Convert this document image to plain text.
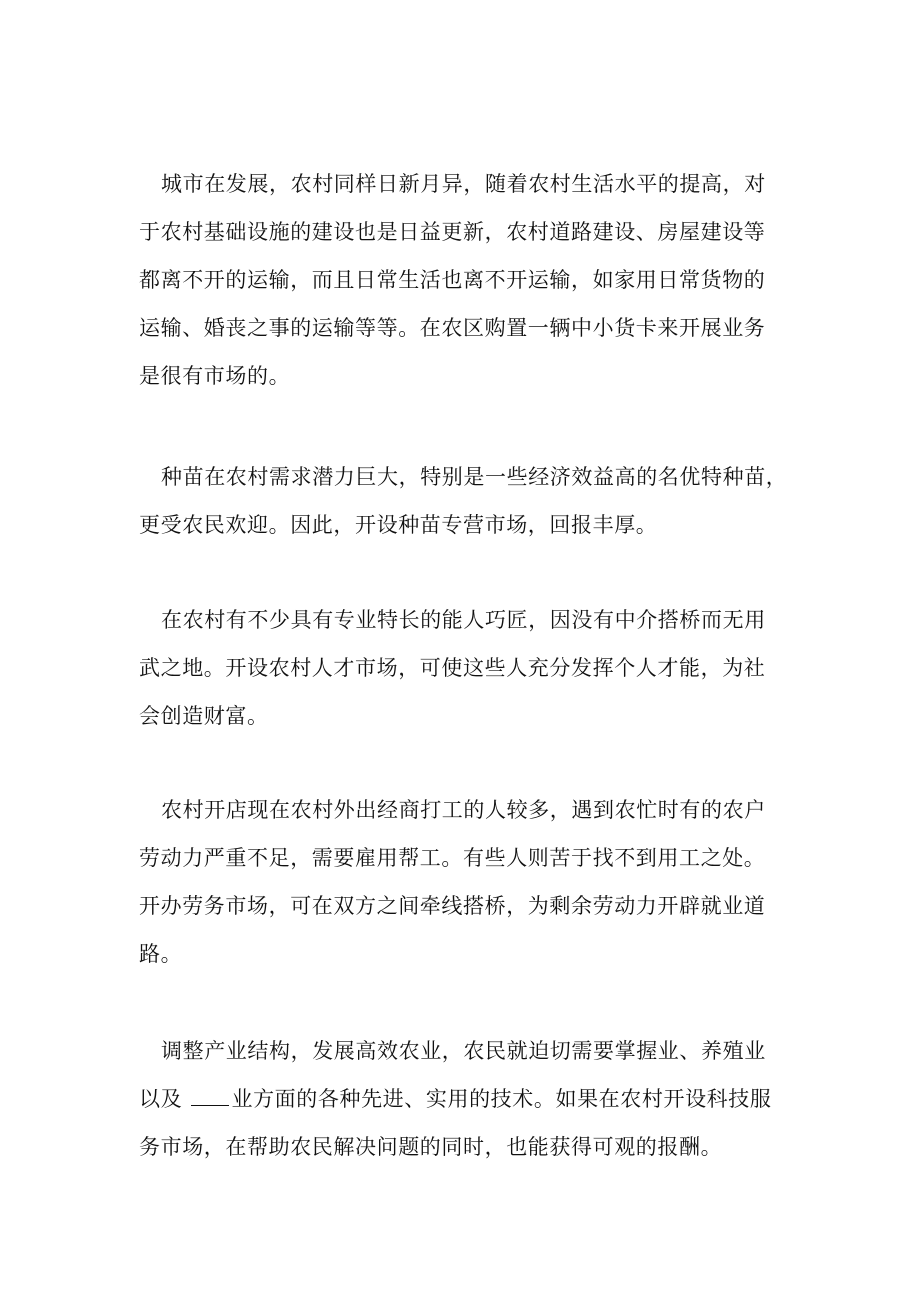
城市在发展，农村同样日新月异，随着农村生活水平的提高，对
于农村基础设施的建设也是日益更新，农村道路建设、房屋建设等
都离不开的运输，而且日常生活也离不开运输，如家用日常货物的
运输、婚丧之事的运输等等。在农区购置一辆中小货卡来开展业务
是很有市场的。
种苗在农村需求潜力巨大，特别是一些经济效益高的名优特种苗，
更受农民欢迎。因此，开设种苗专营市场，回报丰厚。
在农村有不少具有专业特长的能人巧匠，因没有中介搭桥而无用
武之地。开设农村人才市场，可使这些人充分发挥个人才能，为社
会创造财富。
农村开店现在农村外出经商打工的人较多，遇到农忙时有的农户
劳动力严重不足，需要雇用帮工。有些人则苦于找不到用工之处。
开办劳务市场，可在双方之间牵线搭桥，为剩余劳动力开辟就业道
路。
调整产业结构，发展高效农业，农民就迫切需要掌握业、养殖业
以及 业方面的各种先进、实用的技术。如果在农村开设科技服
务市场，在帮助农民解决问题的同时，也能获得可观的报酬。
